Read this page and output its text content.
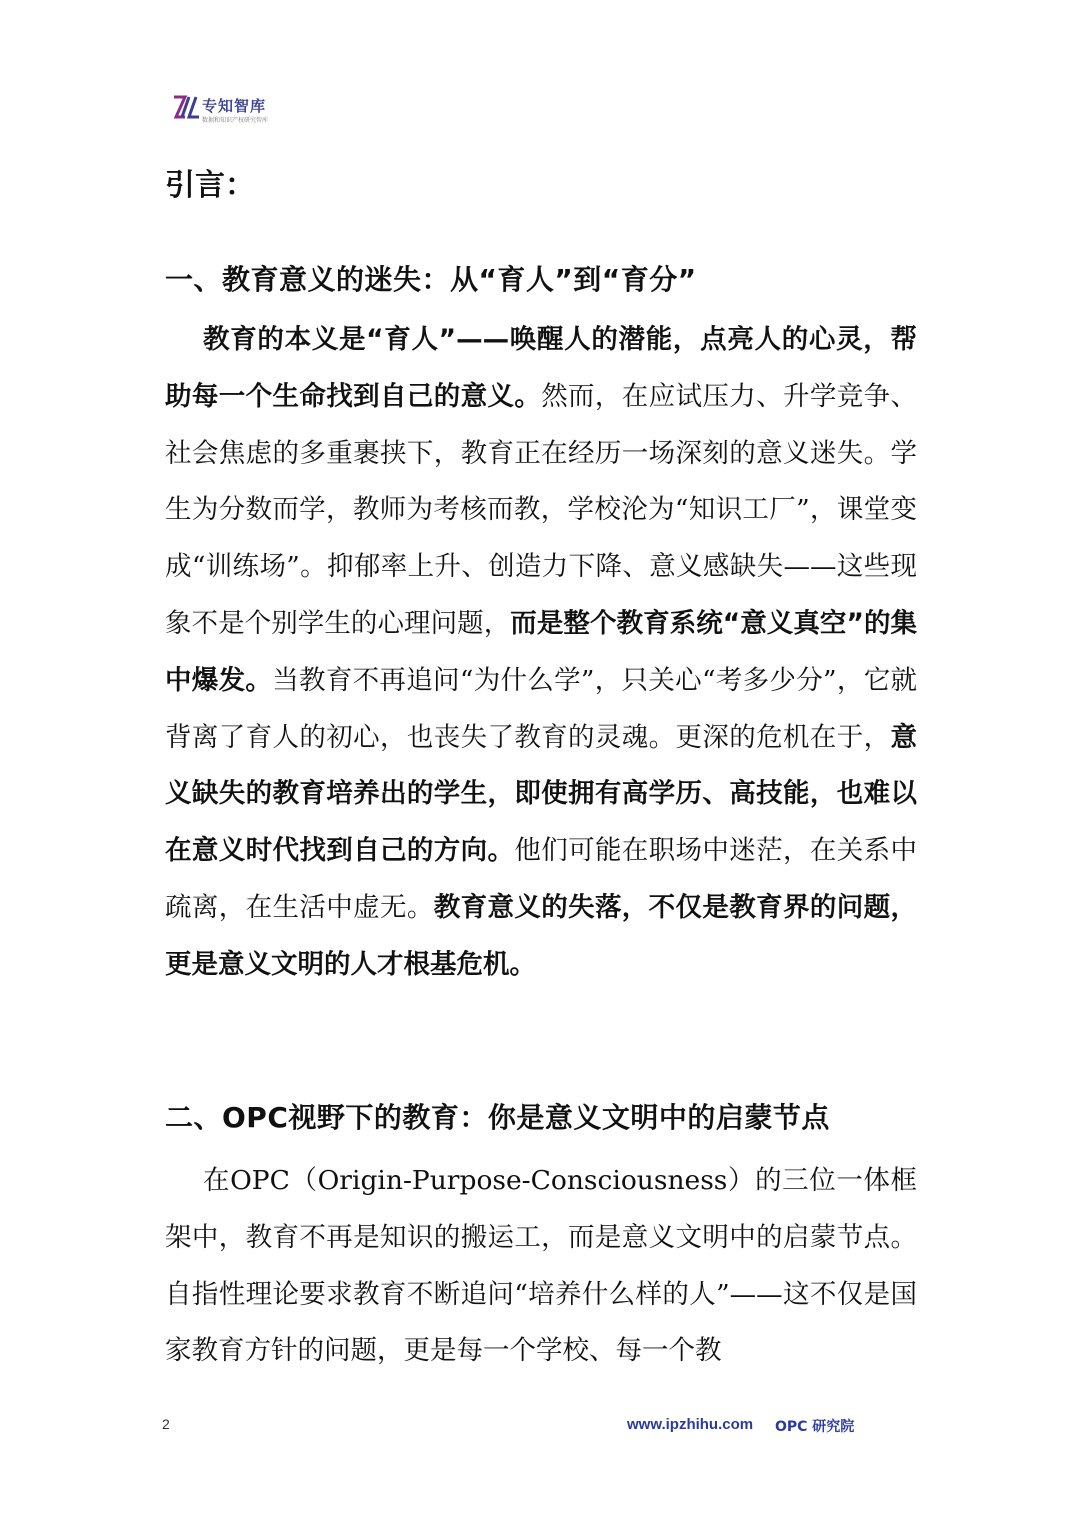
专知智库
数据和知识产权研究智库
引言：
一、教育意义的迷失：从“育人”到“育分”

教育的本义是“育人”——唤醒人的潜能，点亮人的心灵，帮助每一个生命找到自己的意义。然而，在应试压力、升学竞争、社会焦虑的多重裹挟下，教育正在经历一场深刻的意义迷失。学生为分数而学，教师为考核而教，学校沦为“知识工厂”，课堂变成“训练场”。抑郁率上升、创造力下降、意义感缺失——这些现象不是个别学生的心理问题，而是整个教育系统“意义真空”的集中爆发。当教育不再追问“为什么学”，只关心“考多少分”，它就背离了育人的初心，也丧失了教育的灵魂。更深的危机在于，意义缺失的教育培养出的学生，即使拥有高学历、高技能，也难以在意义时代找到自己的方向。他们可能在职场中迷茫，在关系中疏离，在生活中虚无。教育意义的失落，不仅是教育界的问题，更是意义文明的人才根基危机。

二、OPC视野下的教育：你是意义文明中的启蒙节点

在OPC（Origin-Purpose-Consciousness）的三位一体框架中，教育不再是知识的搬运工，而是意义文明中的启蒙节点。自指性理论要求教育不断追问“培养什么样的人”——这不仅是国家教育方针的问题，更是每一个学校、每一个教

2	www.ipzhihu.com OPC 研究院
